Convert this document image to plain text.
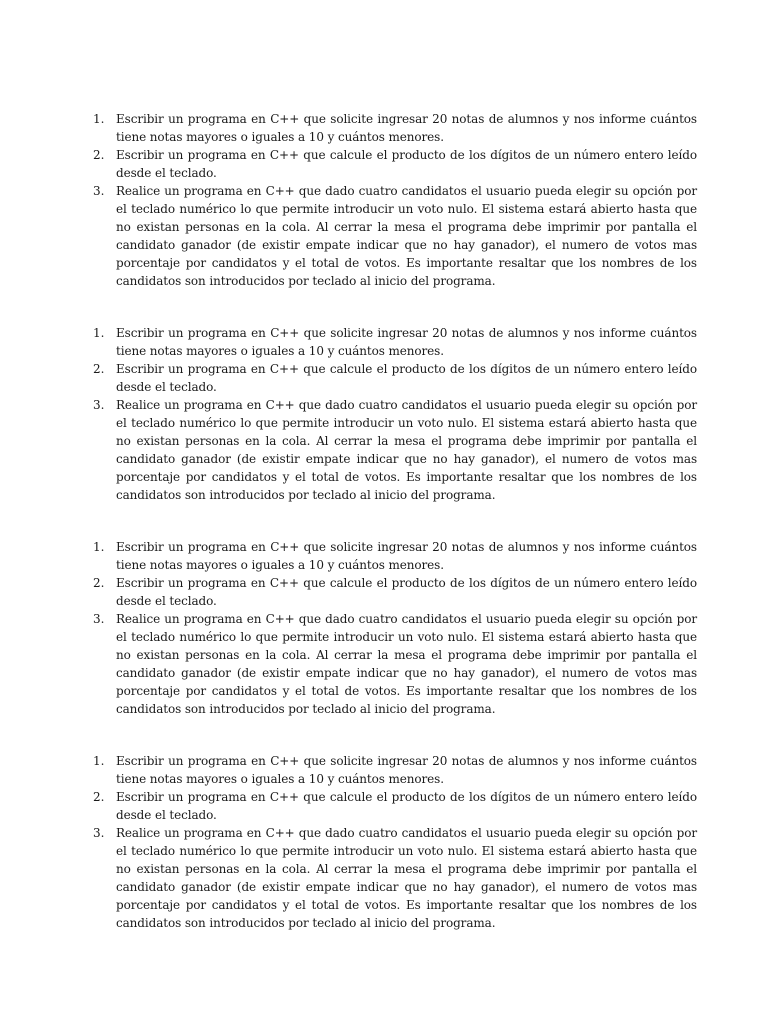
1. Escribir un programa en C++ que solicite ingresar 20 notas de alumnos y nos informe cuántos tiene notas mayores o iguales a 10 y cuántos menores.
2. Escribir un programa en C++ que calcule el producto de los dígitos de un número entero leído desde el teclado.
3. Realice un programa en C++ que dado cuatro candidatos el usuario pueda elegir su opción por el teclado numérico lo que permite introducir un voto nulo. El sistema estará abierto hasta que no existan personas en la cola. Al cerrar la mesa el programa debe imprimir por pantalla el candidato ganador (de existir empate indicar que no hay ganador), el numero de votos mas porcentaje por candidatos y el total de votos. Es importante resaltar que los nombres de los candidatos son introducidos por teclado al inicio del programa.
1. Escribir un programa en C++ que solicite ingresar 20 notas de alumnos y nos informe cuántos tiene notas mayores o iguales a 10 y cuántos menores.
2. Escribir un programa en C++ que calcule el producto de los dígitos de un número entero leído desde el teclado.
3. Realice un programa en C++ que dado cuatro candidatos el usuario pueda elegir su opción por el teclado numérico lo que permite introducir un voto nulo. El sistema estará abierto hasta que no existan personas en la cola. Al cerrar la mesa el programa debe imprimir por pantalla el candidato ganador (de existir empate indicar que no hay ganador), el numero de votos mas porcentaje por candidatos y el total de votos. Es importante resaltar que los nombres de los candidatos son introducidos por teclado al inicio del programa.
1. Escribir un programa en C++ que solicite ingresar 20 notas de alumnos y nos informe cuántos tiene notas mayores o iguales a 10 y cuántos menores.
2. Escribir un programa en C++ que calcule el producto de los dígitos de un número entero leído desde el teclado.
3. Realice un programa en C++ que dado cuatro candidatos el usuario pueda elegir su opción por el teclado numérico lo que permite introducir un voto nulo. El sistema estará abierto hasta que no existan personas en la cola. Al cerrar la mesa el programa debe imprimir por pantalla el candidato ganador (de existir empate indicar que no hay ganador), el numero de votos mas porcentaje por candidatos y el total de votos. Es importante resaltar que los nombres de los candidatos son introducidos por teclado al inicio del programa.
1. Escribir un programa en C++ que solicite ingresar 20 notas de alumnos y nos informe cuántos tiene notas mayores o iguales a 10 y cuántos menores.
2. Escribir un programa en C++ que calcule el producto de los dígitos de un número entero leído desde el teclado.
3. Realice un programa en C++ que dado cuatro candidatos el usuario pueda elegir su opción por el teclado numérico lo que permite introducir un voto nulo. El sistema estará abierto hasta que no existan personas en la cola. Al cerrar la mesa el programa debe imprimir por pantalla el candidato ganador (de existir empate indicar que no hay ganador), el numero de votos mas porcentaje por candidatos y el total de votos. Es importante resaltar que los nombres de los candidatos son introducidos por teclado al inicio del programa.
